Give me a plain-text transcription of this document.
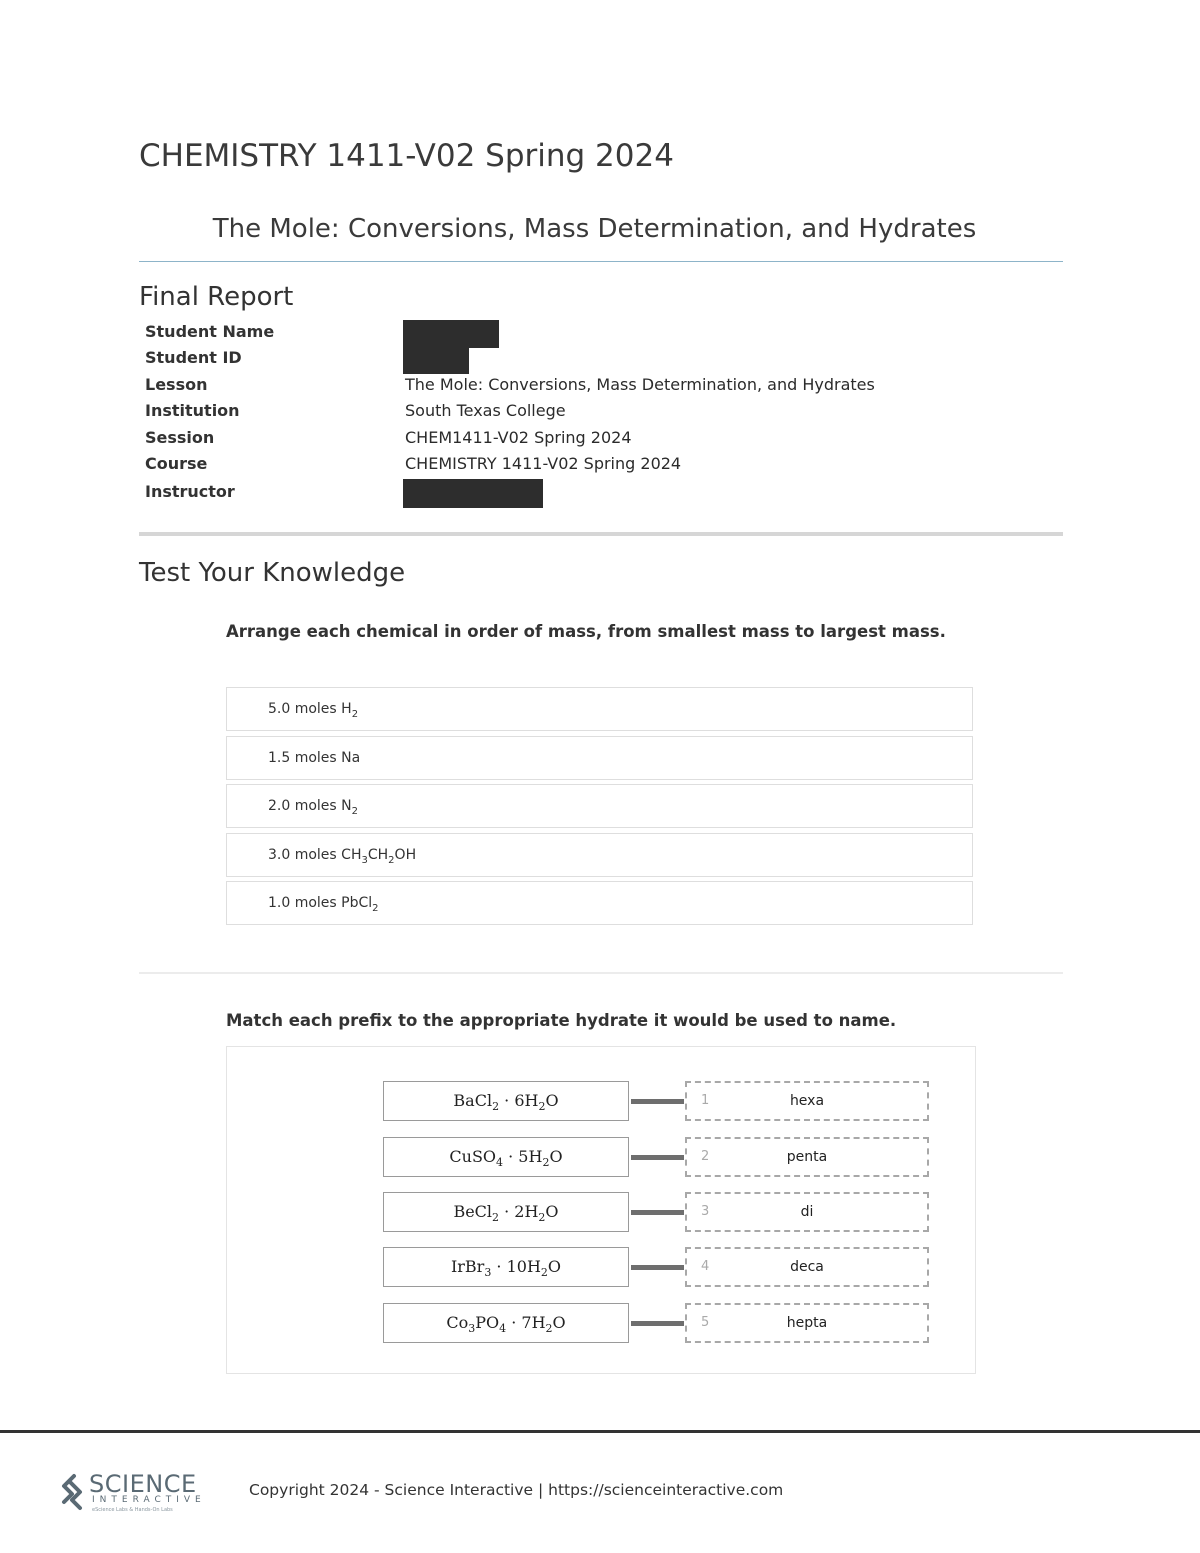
CHEMISTRY 1411-V02 Spring 2024
The Mole: Conversions, Mass Determination, and Hydrates
Final Report
Student Name
Student ID
Lesson	The Mole: Conversions, Mass Determination, and Hydrates
Institution	South Texas College
Session	CHEM1411-V02 Spring 2024
Course	CHEMISTRY 1411-V02 Spring 2024
Instructor
Test Your Knowledge
Arrange each chemical in order of mass, from smallest mass to largest mass.
5.0 moles $H_2$
1.5 moles Na
2.0 moles $N_2$
3.0 moles $CH_3CH_2OH$
1.0 moles PbCl$_2$
Match each prefix to the appropriate hydrate it would be used to name.
BaCl$_2$ · $6H_2O$	1	hexa
CuSO$_4$ · $5H_2O$	2	penta
BeCl$_2$ · $2H_2O$	3	di
IrBr$_3$ · $10H_2O$	4	deca
$Co_3PO_4 \cdot 7H_2O$	5	hepta
SCIENCE
INTERACTIVE
eScience Labs & Hands-On Labs
Copyright 2024 - Science Interactive | https://scienceinteractive.com
